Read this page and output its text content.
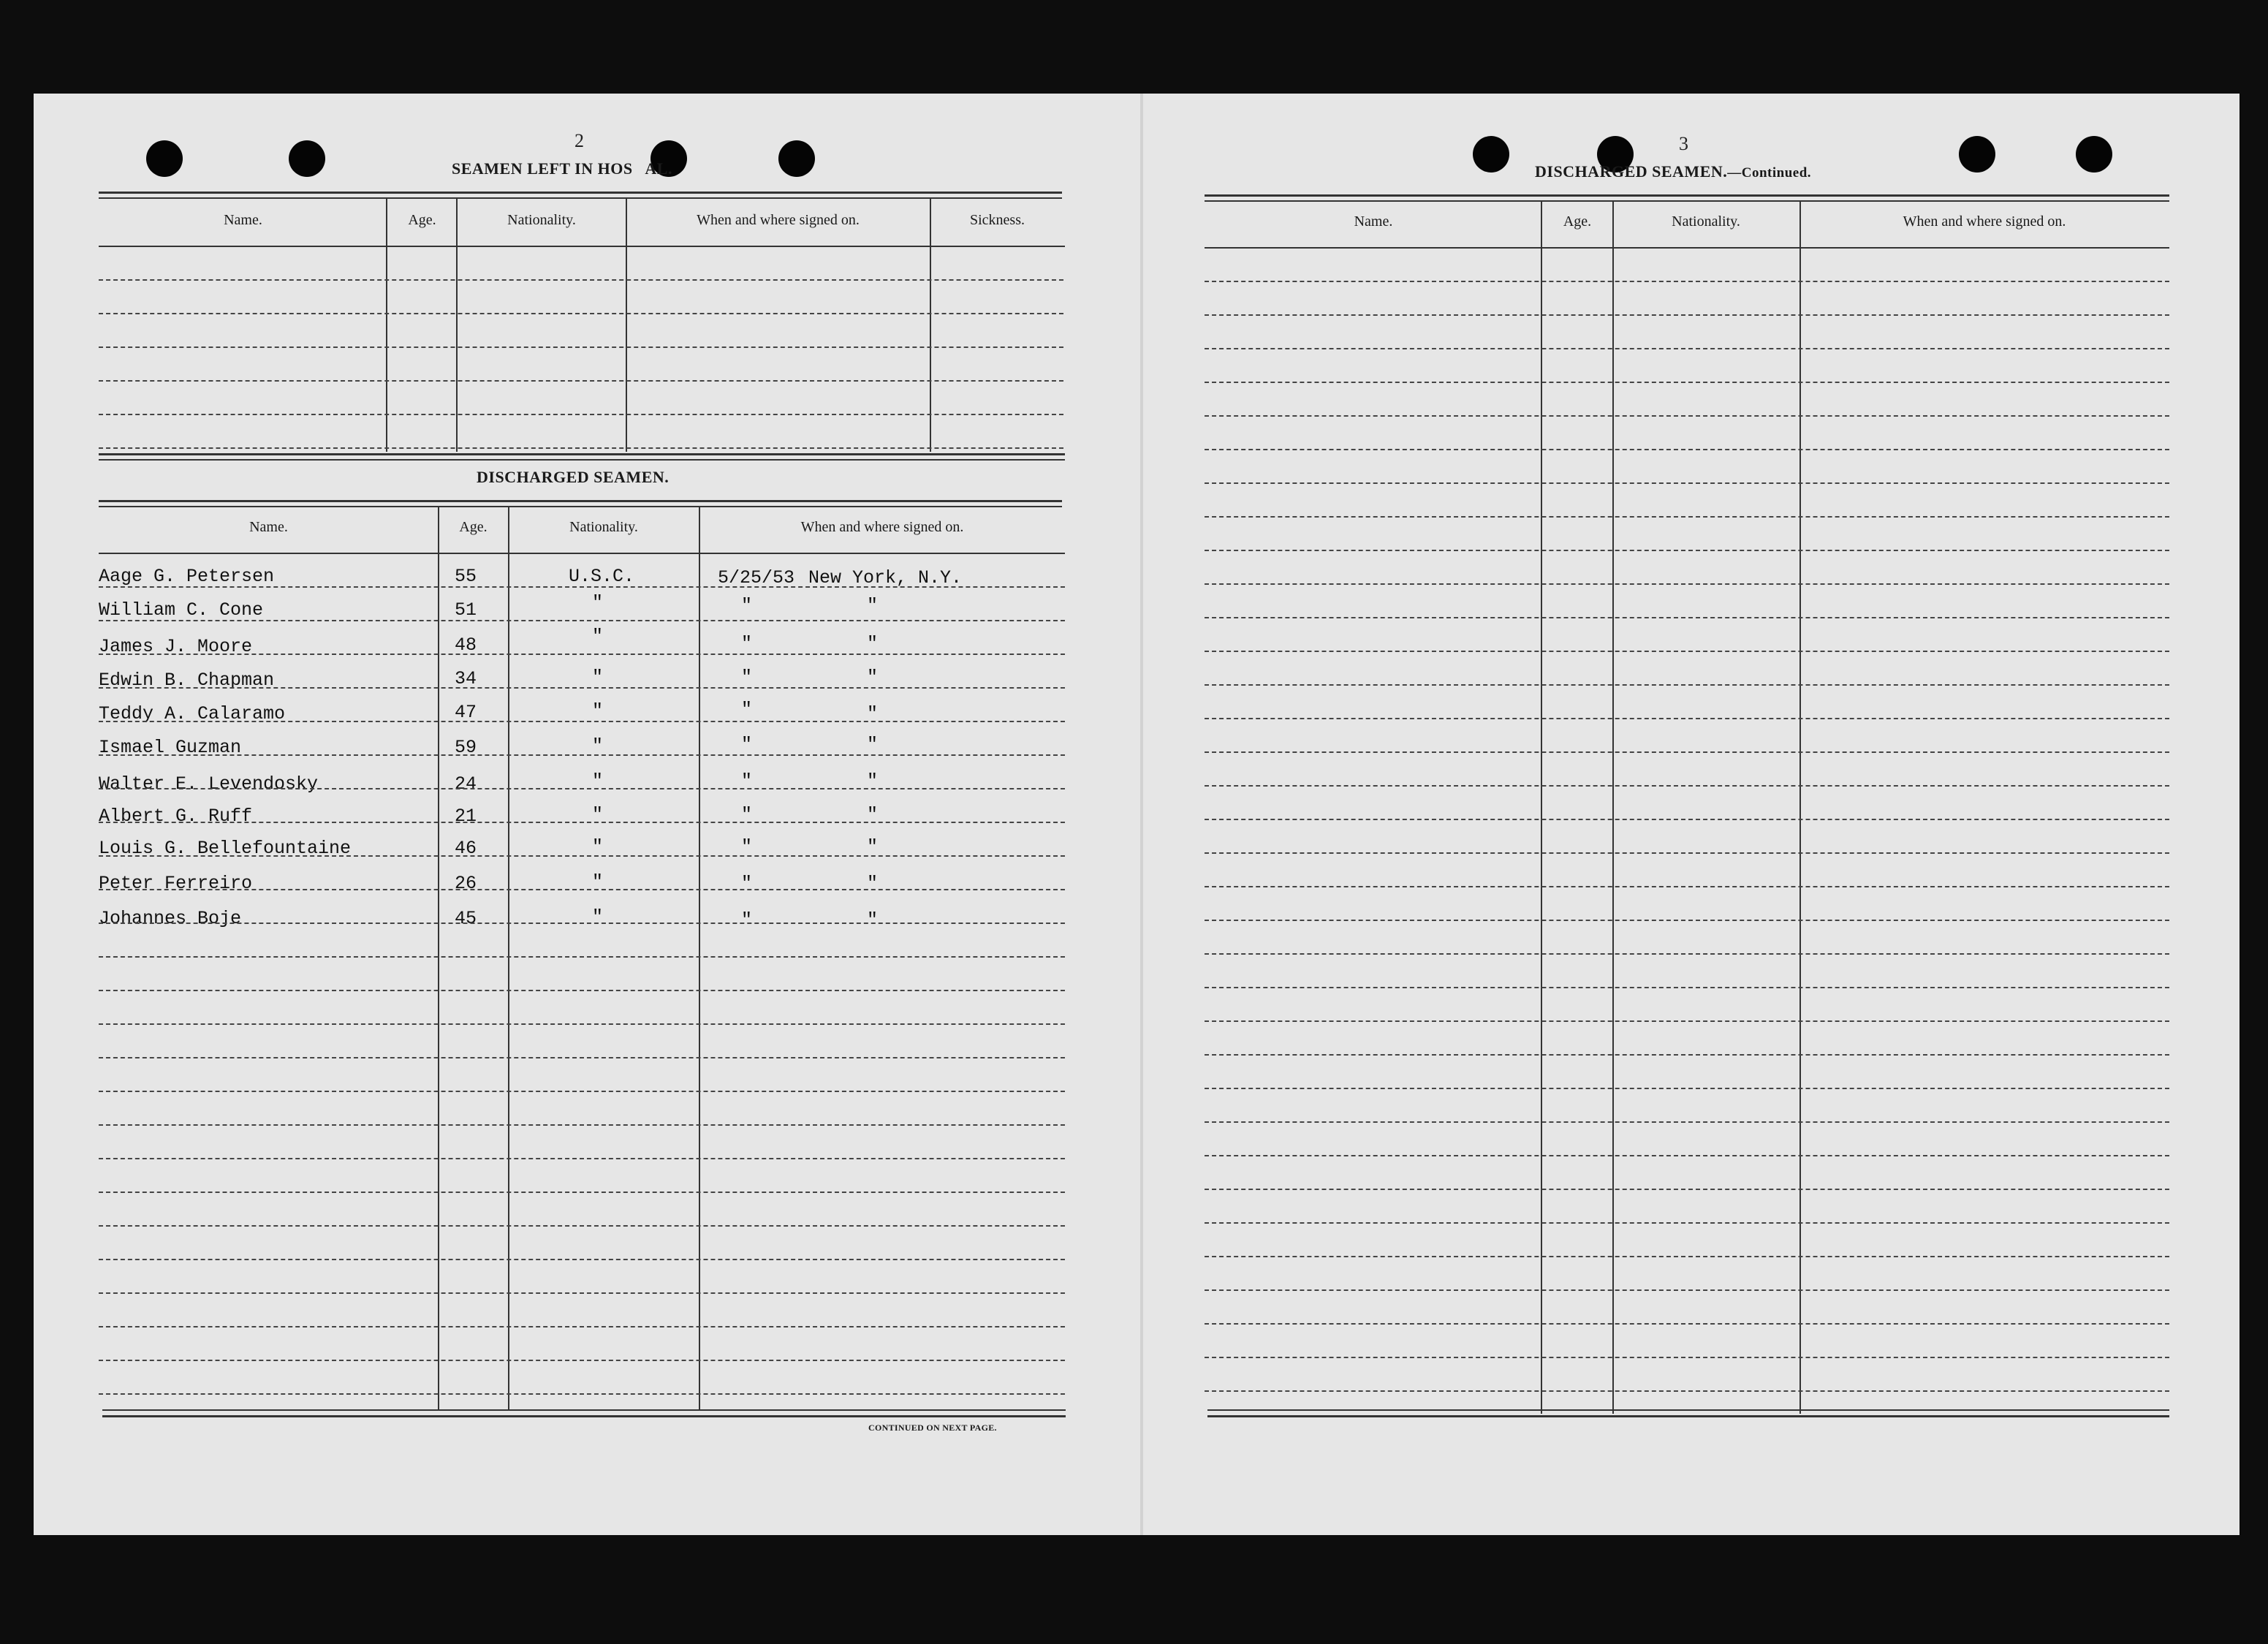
2
SEAMEN LEFT IN HOS   AL.
Name.	Age.	Nationality.	When and where signed on.	Sickness.
DISCHARGED SEAMEN.
Name.	Age.	Nationality.	When and where signed on.
Aage G. Petersen	55	U.S.C.	5/25/53 New York, N.Y.
William C. Cone	51	"	"	"
James J. Moore	48	"	"	"
Edwin B. Chapman	34	"	"	"
Teddy A. Calaramo	47	"	"	"
Ismael Guzman	59	"	"	"
Walter E. Levendosky	24	"	"	"
Albert G. Ruff	21	"	"	"
Louis G. Bellefountaine	46	"	"	"
Peter Ferreiro	26	"	"	"
Johannes Boje	45	"	"	"
CONTINUED ON NEXT PAGE.
3
DISCHARGED SEAMEN.—Continued.
Name.	Age.	Nationality.	When and where signed on.
